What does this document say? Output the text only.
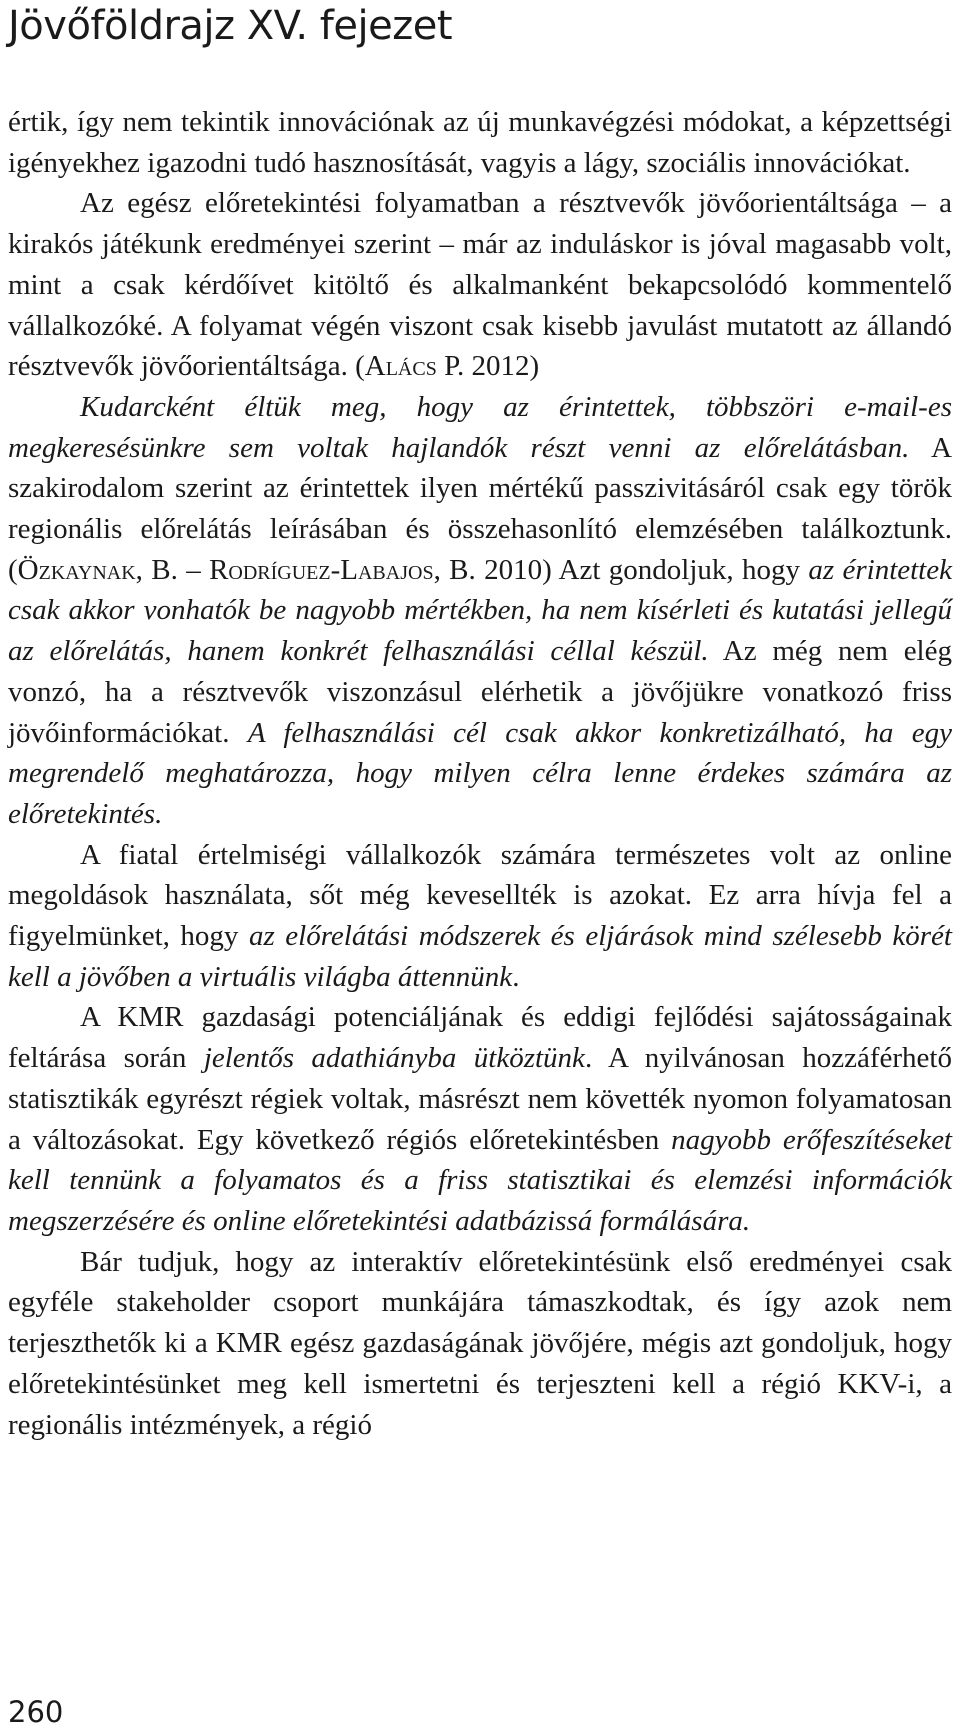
Jövőföldrajz XV. fejezet

értik, így nem tekintik innovációnak az új munkavégzési módokat, a képzettségi igényekhez igazodni tudó hasznosítását, vagyis a lágy, szociális innovációkat.

Az egész előretekintési folyamatban a résztvevők jövőorientáltsága – a kirakós játékunk eredményei szerint – már az induláskor is jóval magasabb volt, mint a csak kérdőívet kitöltő és alkalmanként bekapcsolódó kommentelő vállalkozóké. A folyamat végén viszont csak kisebb javulást mutatott az állandó résztvevők jövőorientáltsága. (Alács P. 2012)

Kudarcként éltük meg, hogy az érintettek, többszöri e-mail-es megkeresésünkre sem voltak hajlandók részt venni az előrelátásban. A szakirodalom szerint az érintettek ilyen mértékű passzivitásáról csak egy török regionális előrelátás leírásában és összehasonlító elemzésében találkoztunk. (Özkaynak, B. – Rodríguez-Labajos, B. 2010) Azt gondoljuk, hogy az érintettek csak akkor vonhatók be nagyobb mértékben, ha nem kísérleti és kutatási jellegű az előrelátás, hanem konkrét felhasználási céllal készül. Az még nem elég vonzó, ha a résztvevők viszonzásul elérhetik a jövőjükre vonatkozó friss jövőinformációkat. A felhasználási cél csak akkor konkretizálható, ha egy megrendelő meghatározza, hogy milyen célra lenne érdekes számára az előretekintés.

A fiatal értelmiségi vállalkozók számára természetes volt az online megoldások használata, sőt még kevesellték is azokat. Ez arra hívja fel a figyelmünket, hogy az előrelátási módszerek és eljárások mind szélesebb körét kell a jövőben a virtuális világba áttennünk.

A KMR gazdasági potenciáljának és eddigi fejlődési sajátosságainak feltárása során jelentős adathiányba ütköztünk. A nyilvánosan hozzáférhető statisztikák egyrészt régiek voltak, másrészt nem követték nyomon folyamatosan a változásokat. Egy következő régiós előretekintésben nagyobb erőfeszítéseket kell tennünk a folyamatos és a friss statisztikai és elemzési információk megszerzésére és online előretekintési adatbázissá formálására.

Bár tudjuk, hogy az interaktív előretekintésünk első eredményei csak egyféle stakeholder csoport munkájára támaszkodtak, és így azok nem terjeszthetők ki a KMR egész gazdaságának jövőjére, mégis azt gondoljuk, hogy előretekintésünket meg kell ismertetni és terjeszteni kell a régió KKV-i, a regionális intézmények, a régió

260
